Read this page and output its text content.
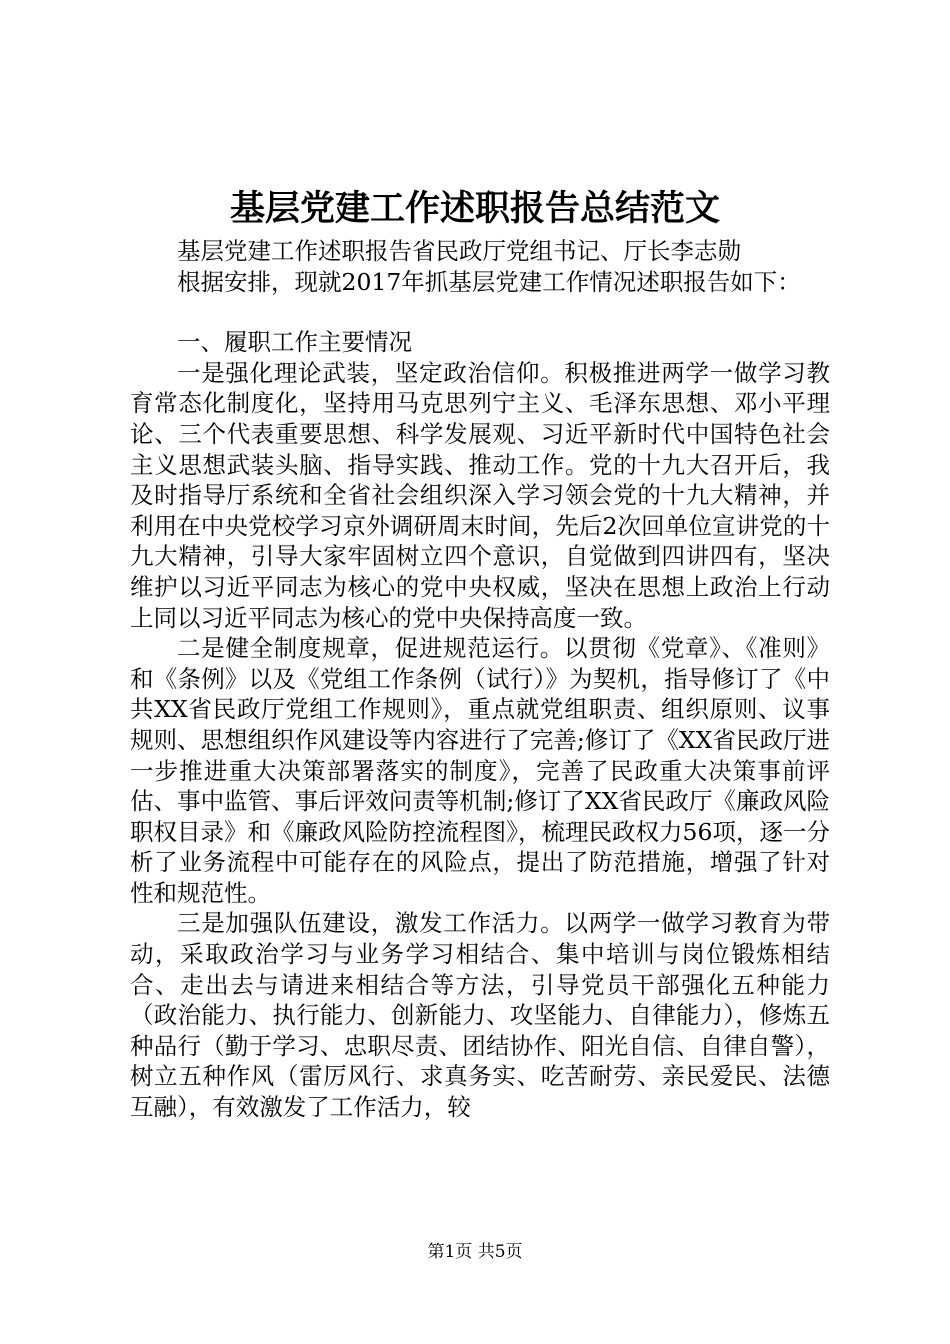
基层党建工作述职报告总结范文

基层党建工作述职报告省民政厅党组书记、厅长李志勋

根据安排，现就2017年抓基层党建工作情况述职报告如下：

一、履职工作主要情况

一是强化理论武装，坚定政治信仰。积极推进两学一做学习教育常态化制度化，坚持用马克思列宁主义、毛泽东思想、邓小平理论、三个代表重要思想、科学发展观、习近平新时代中国特色社会主义思想武装头脑、指导实践、推动工作。党的十九大召开后，我及时指导厅系统和全省社会组织深入学习领会党的十九大精神，并利用在中央党校学习京外调研周末时间，先后2次回单位宣讲党的十九大精神，引导大家牢固树立四个意识，自觉做到四讲四有，坚决维护以习近平同志为核心的党中央权威，坚决在思想上政治上行动上同以习近平同志为核心的党中央保持高度一致。

二是健全制度规章，促进规范运行。以贯彻《党章》、《准则》和《条例》以及《党组工作条例（试行）》为契机，指导修订了《中共XX省民政厅党组工作规则》，重点就党组职责、组织原则、议事规则、思想组织作风建设等内容进行了完善;修订了《XX省民政厅进一步推进重大决策部署落实的制度》，完善了民政重大决策事前评估、事中监管、事后评效问责等机制;修订了XX省民政厅《廉政风险职权目录》和《廉政风险防控流程图》，梳理民政权力56项，逐一分析了业务流程中可能存在的风险点，提出了防范措施，增强了针对性和规范性。

三是加强队伍建设，激发工作活力。以两学一做学习教育为带动，采取政治学习与业务学习相结合、集中培训与岗位锻炼相结合、走出去与请进来相结合等方法，引导党员干部强化五种能力（政治能力、执行能力、创新能力、攻坚能力、自律能力），修炼五种品行（勤于学习、忠职尽责、团结协作、阳光自信、自律自警），树立五种作风（雷厉风行、求真务实、吃苦耐劳、亲民爱民、法德互融），有效激发了工作活力，较

第1页 共5页
